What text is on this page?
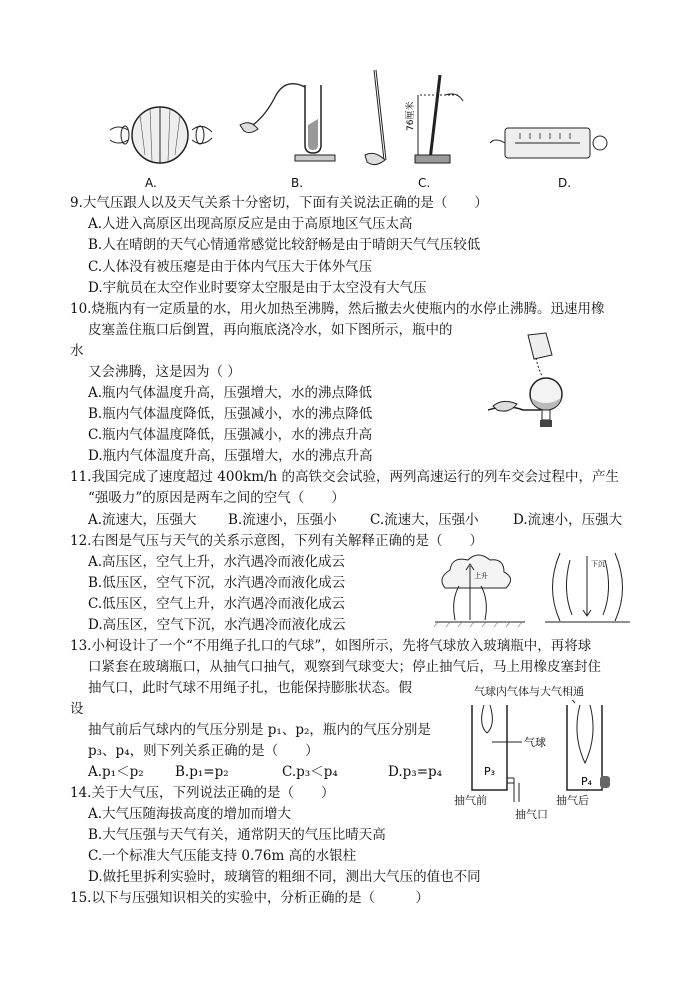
A.	B.
76厘米
C.	D.
9.大气压跟人以及天气关系十分密切，下面有关说法正确的是（　　）
A.人进入高原区出现高原反应是由于高原地区气压太高
B.人在晴朗的天气心情通常感觉比较舒畅是由于晴朗天气气压较低
C.人体没有被压瘪是由于体内气压大于体外气压
D.宇航员在太空作业时要穿太空服是由于太空没有大气压
10.烧瓶内有一定质量的水，用火加热至沸腾，然后撤去火使瓶内的水停止沸腾。迅速用橡
皮塞盖住瓶口后倒置，再向瓶底浇冷水，如下图所示，瓶中的
水
又会沸腾，这是因为（ ）
A.瓶内气体温度升高，压强增大，水的沸点降低
B.瓶内气体温度降低，压强减小，水的沸点降低
C.瓶内气体温度降低，压强减小，水的沸点升高
D.瓶内气体温度升高，压强增大，水的沸点升高
11.我国完成了速度超过 400km/h 的高铁交会试验，两列高速运行的列车交会过程中，产生
“强吸力”的原因是两车之间的空气（　　）
A.流速大，压强大 B.流速小，压强小 C.流速大，压强小	D.流速小，压强大
12.右图是气压与天气的关系示意图，下列有关解释正确的是（　　）
A.高压区，空气上升，水汽遇冷而液化成云
B.低压区，空气下沉，水汽遇冷而液化成云
C.低压区，空气上升，水汽遇冷而液化成云
D.高压区，空气下沉，水汽遇冷而液化成云
上升
下沉
13.小柯设计了一个“不用绳子扎口的气球”，如图所示，先将气球放入玻璃瓶中，再将球
口紧套在玻璃瓶口，从抽气口抽气，观察到气球变大；停止抽气后，马上用橡皮塞封住
抽气口，此时气球不用绳子扎，也能保持膨胀状态。假
设
抽气前后气球内的气压分别是 p₁、p₂，瓶内的气压分别是
p₃、p₄，则下列关系正确的是（　　）
A.p₁＜p₂ B.p₁=p₂	C.p₃＜p₄	D.p₃=p₄
气球内气体与大气相通
P₃
气球
P₄
抽气前	抽气后
抽气口
14.关于大气压，下列说法正确的是（　　）
A.大气压随海拔高度的增加而增大
B.大气压强与天气有关，通常阴天的气压比晴天高
C.一个标准大气压能支持 0.76m 高的水银柱
D.做托里拆利实验时，玻璃管的粗细不同，测出大气压的值也不同
15.以下与压强知识相关的实验中，分析正确的是（　　　）
